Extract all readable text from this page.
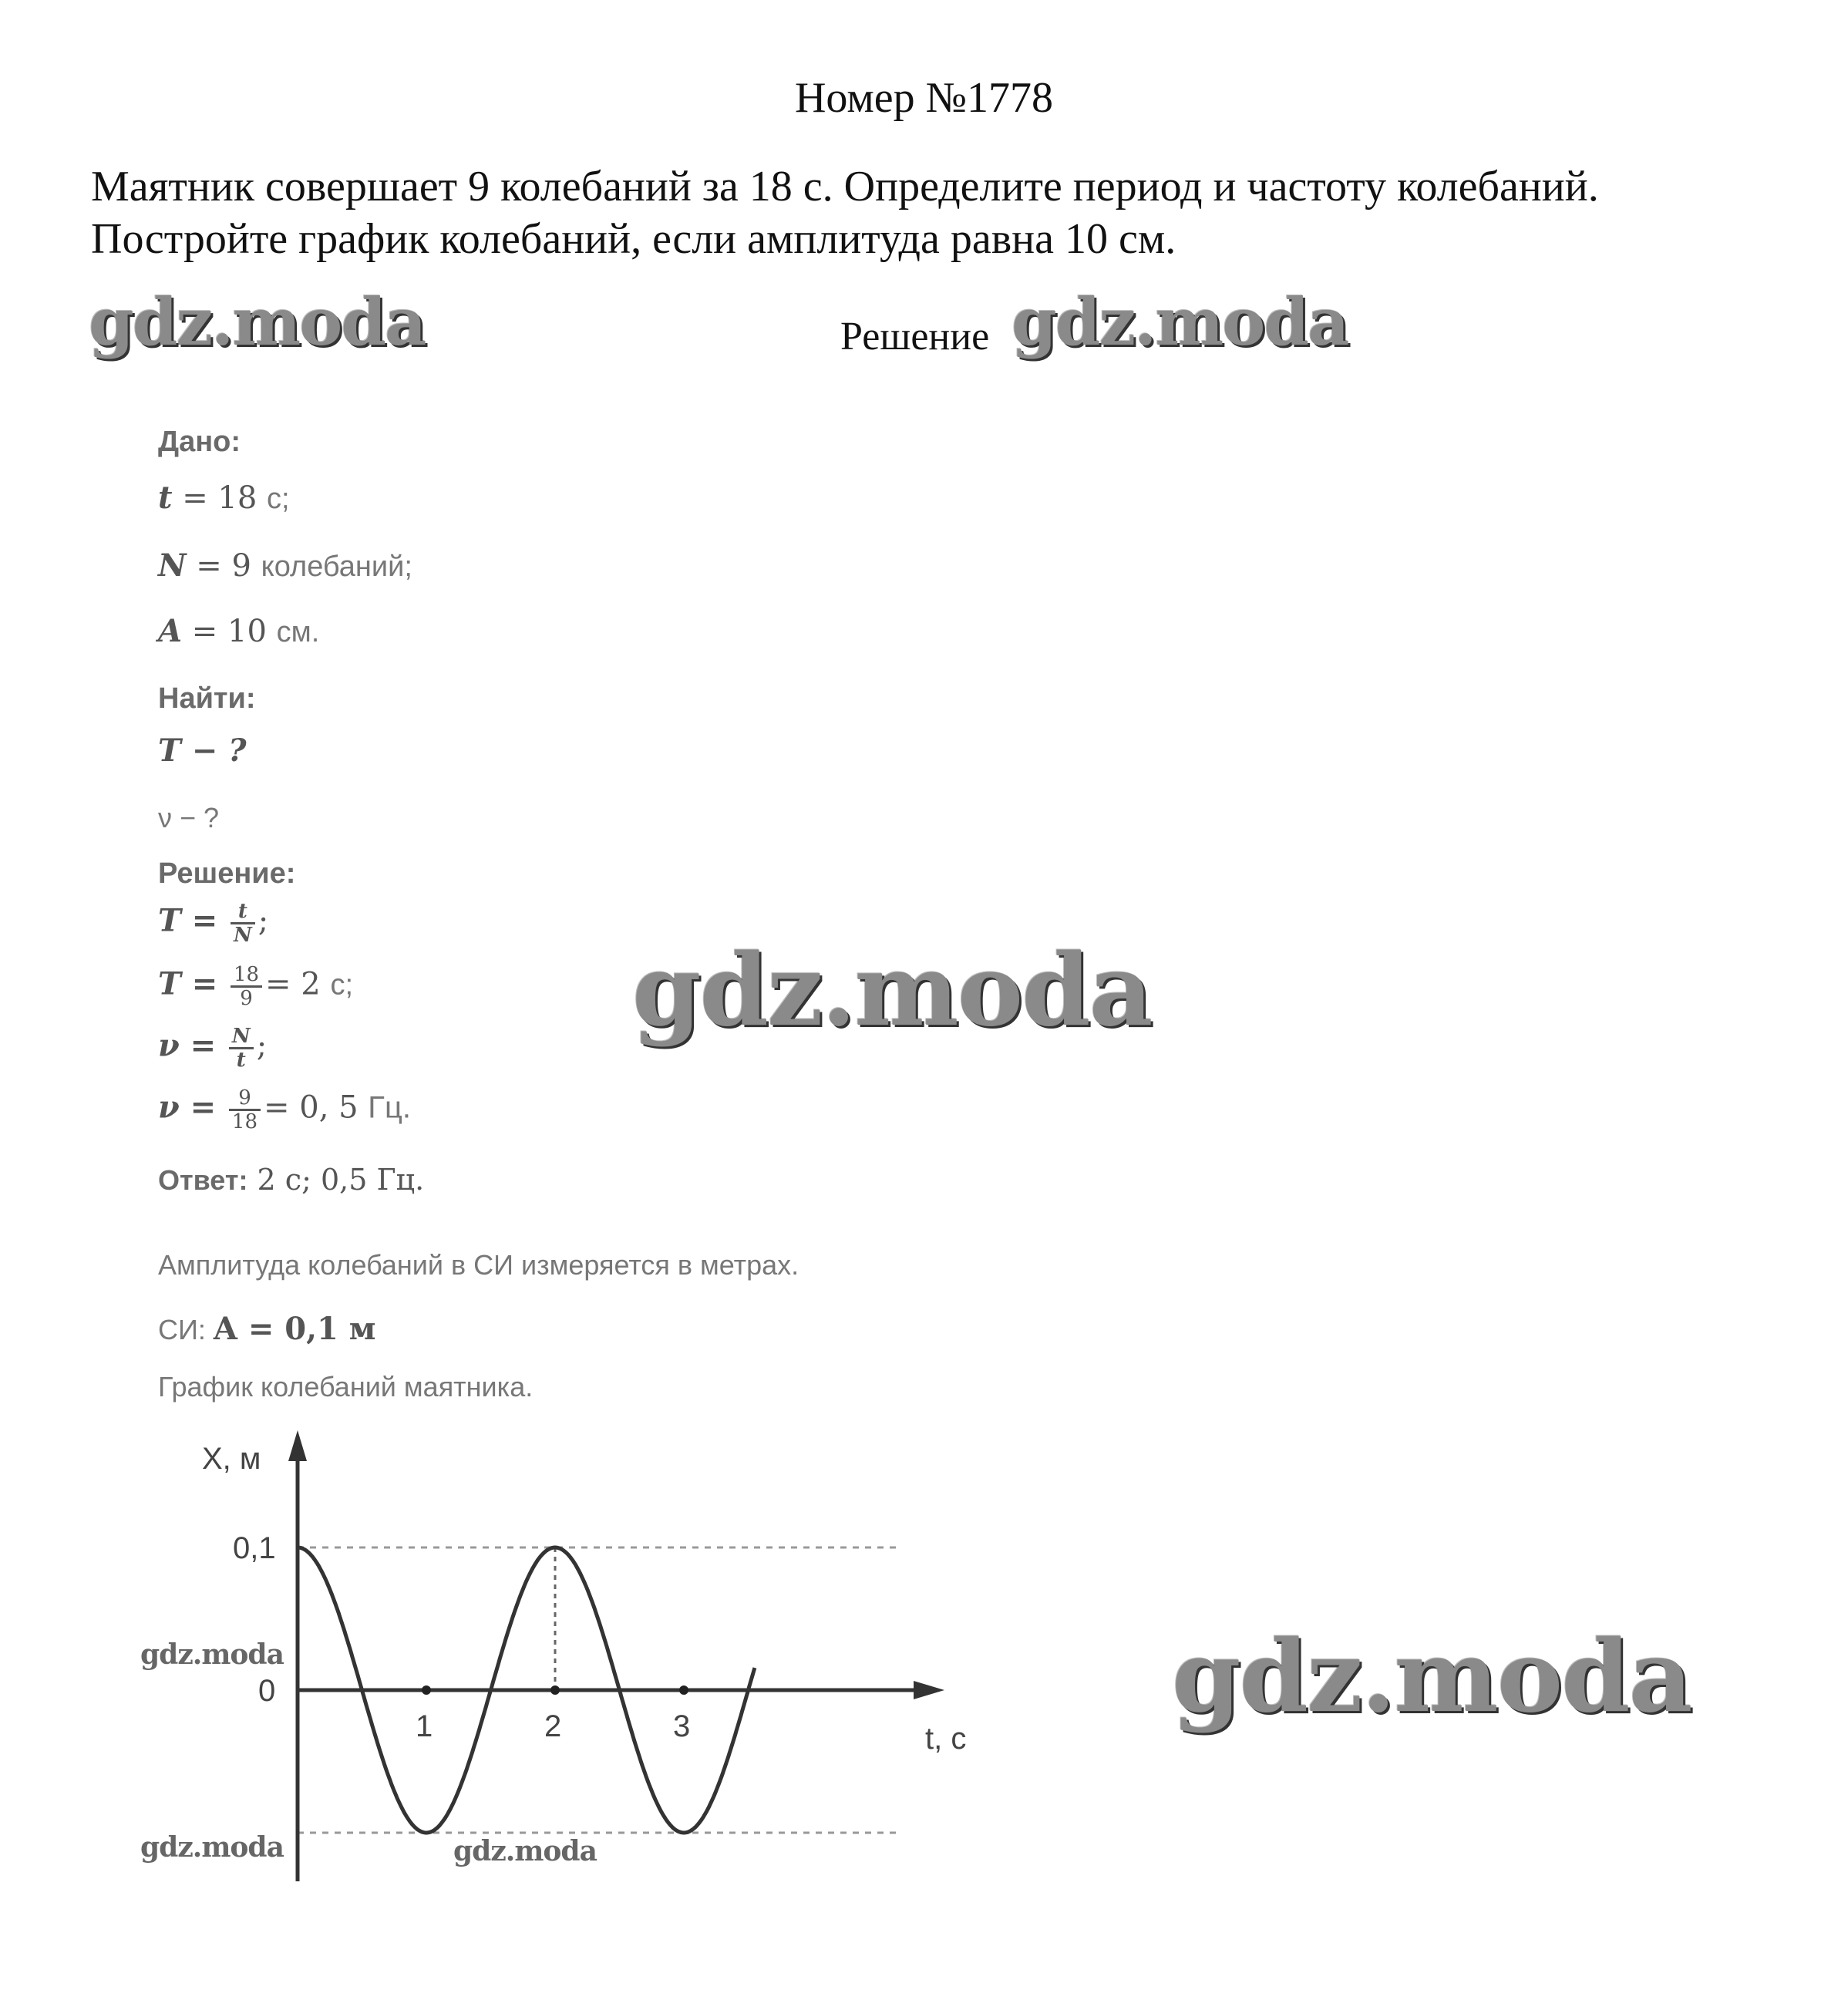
Номер №1778
Маятник совершает 9 колебаний за 18 с. Определите период и частоту колебаний.
Постройте график колебаний, если амплитуда равна 10 см.
Решение
gdz.moda	gdz.moda
gdz.moda
gdz.moda
Дано:
t = 18 с;
N = 9 колебаний;
A = 10 см.
Найти:
T − ?
ν − ?
Решение:
$T = \frac{t}{N}$ ;
$T = \frac{18}{9} = 2$ с;
$\nu = \frac{N}{t}$ ;
$\nu = \frac{9}{18} = 0$, 5 Гц.
Ответ: 2 с; 0,5 Гц.
Амплитуда колебаний в СИ измеряется в метрах.
СИ: A = 0,1 м
График колебаний маятника.
1	2	3
0,1
0
X, м
t, с
gdz.moda
gdz.moda	gdz.moda
